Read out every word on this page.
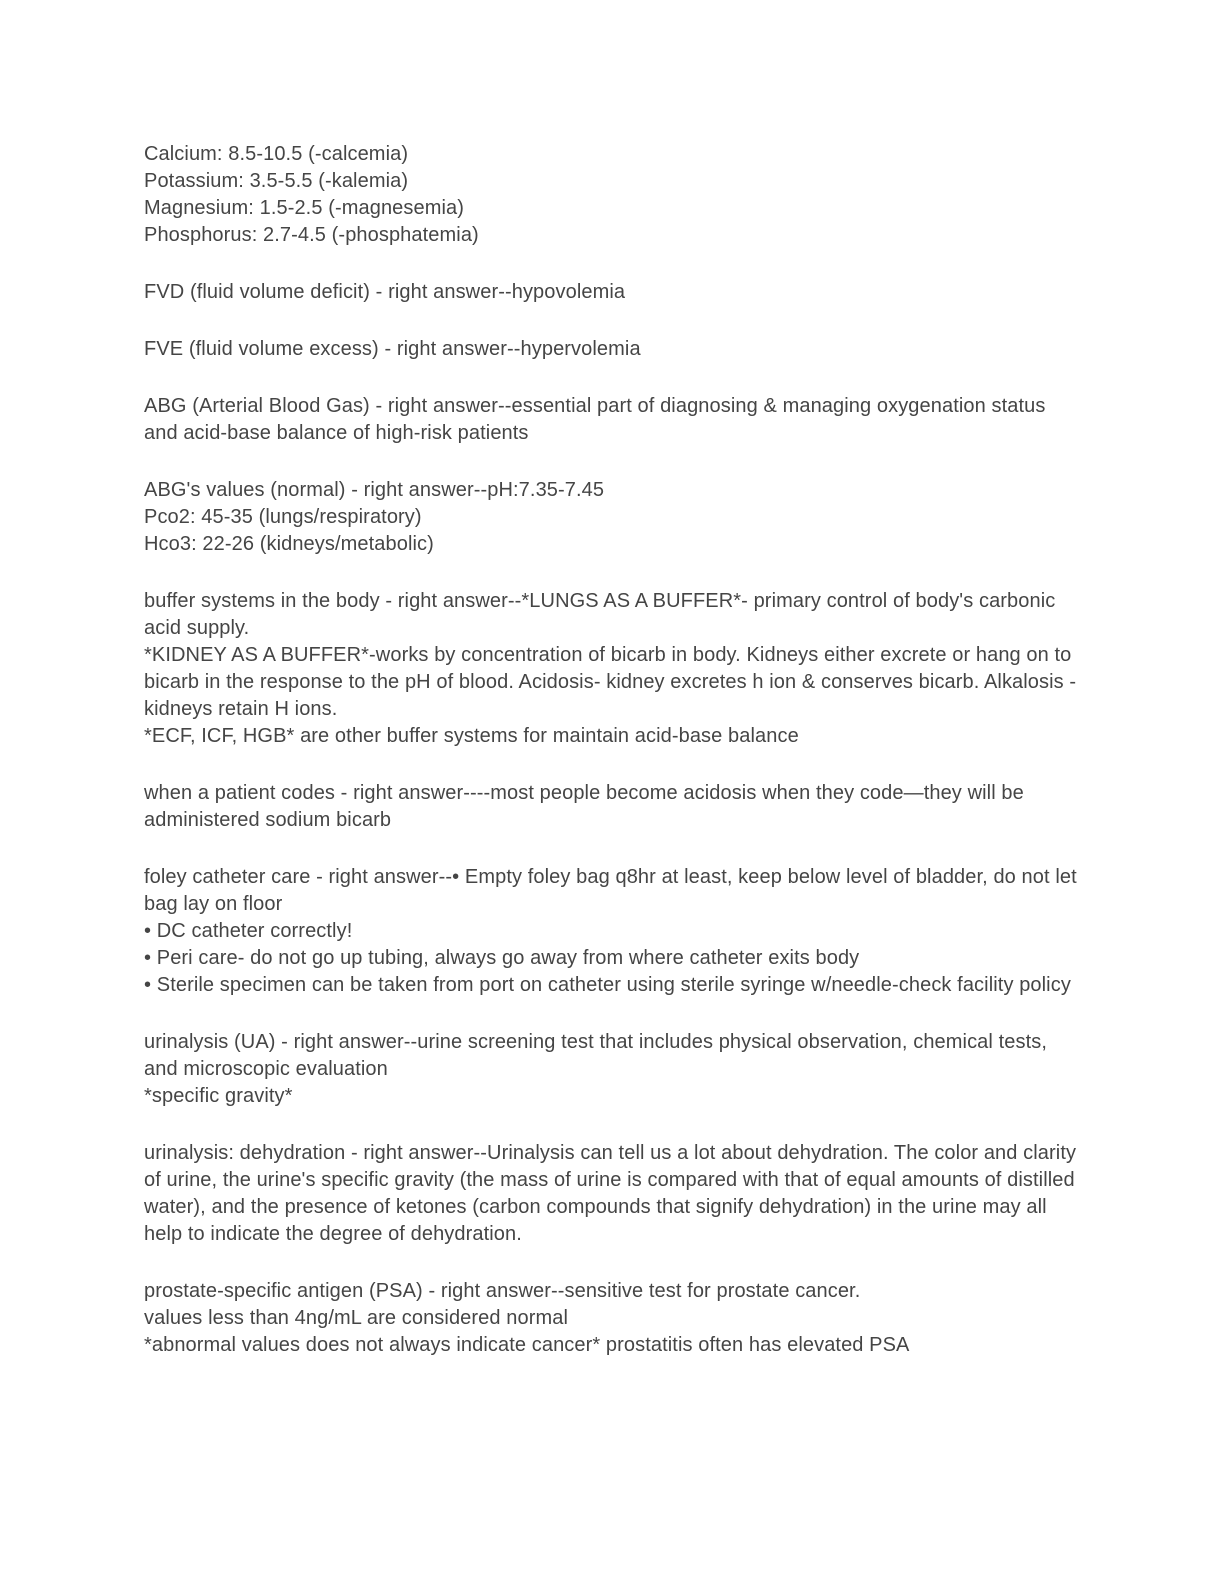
Calcium: 8.5-10.5 (-calcemia)
Potassium: 3.5-5.5 (-kalemia)
Magnesium: 1.5-2.5 (-magnesemia)
Phosphorus: 2.7-4.5 (-phosphatemia)
FVD (fluid volume deficit) - right answer--hypovolemia
FVE (fluid volume excess) - right answer--hypervolemia
ABG (Arterial Blood Gas) - right answer--essential part of diagnosing & managing oxygenation status and acid-base balance of high-risk patients
ABG's values (normal) - right answer--pH:7.35-7.45
Pco2: 45-35 (lungs/respiratory)
Hco3: 22-26 (kidneys/metabolic)
buffer systems in the body - right answer--*LUNGS AS A BUFFER*- primary control of body's carbonic acid supply.
*KIDNEY AS A BUFFER*-works by concentration of bicarb in body. Kidneys either excrete or hang on to bicarb in the response to the pH of blood. Acidosis- kidney excretes h ion & conserves bicarb. Alkalosis - kidneys retain H ions.
*ECF, ICF, HGB* are other buffer systems for maintain acid-base balance
when a patient codes - right answer----most people become acidosis when they code—they will be administered sodium bicarb
foley catheter care - right answer--• Empty foley bag q8hr at least, keep below level of bladder, do not let bag lay on floor
• DC catheter correctly!
• Peri care- do not go up tubing, always go away from where catheter exits body
• Sterile specimen can be taken from port on catheter using sterile syringe w/needle-check facility policy
urinalysis (UA) - right answer--urine screening test that includes physical observation, chemical tests, and microscopic evaluation
*specific gravity*
urinalysis: dehydration - right answer--Urinalysis can tell us a lot about dehydration. The color and clarity of urine, the urine's specific gravity (the mass of urine is compared with that of equal amounts of distilled water), and the presence of ketones (carbon compounds that signify dehydration) in the urine may all help to indicate the degree of dehydration.
prostate-specific antigen (PSA) - right answer--sensitive test for prostate cancer.
values less than 4ng/mL are considered normal
*abnormal values does not always indicate cancer* prostatitis often has elevated PSA
